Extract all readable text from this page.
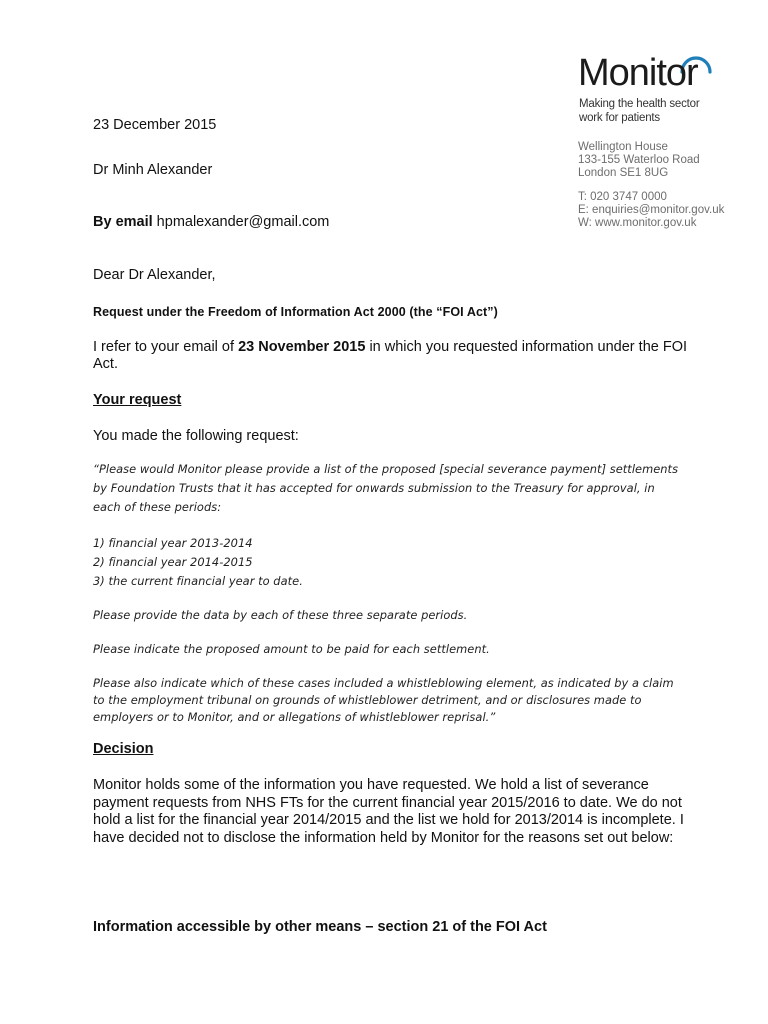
Monitor
Making the health sector
work for patients
Wellington House
133-155 Waterloo Road
London SE1 8UG
T: 020 3747 0000
E: enquiries@monitor.gov.uk
W: www.monitor.gov.uk
23 December 2015
Dr Minh Alexander
By email hpmalexander@gmail.com
Dear Dr Alexander,
Request under the Freedom of Information Act 2000 (the “FOI Act”)
I refer to your email of 23 November 2015 in which you requested information under the FOI
Act.
Your request
You made the following request:
“Please would Monitor please provide a list of the proposed [special severance payment] settlements
by Foundation Trusts that it has accepted for onwards submission to the Treasury for approval, in
each of these periods:
1) financial year 2013-2014
2) financial year 2014-2015
3) the current financial year to date.
Please provide the data by each of these three separate periods.
Please indicate the proposed amount to be paid for each settlement.
Please also indicate which of these cases included a whistleblowing element, as indicated by a claim
to the employment tribunal on grounds of whistleblower detriment, and or disclosures made to
employers or to Monitor, and or allegations of whistleblower reprisal.”
Decision
Monitor holds some of the information you have requested. We hold a list of severance
payment requests from NHS FTs for the current financial year 2015/2016 to date. We do not
hold a list for the financial year 2014/2015 and the list we hold for 2013/2014 is incomplete. I
have decided not to disclose the information held by Monitor for the reasons set out below:
Information accessible by other means – section 21 of the FOI Act
